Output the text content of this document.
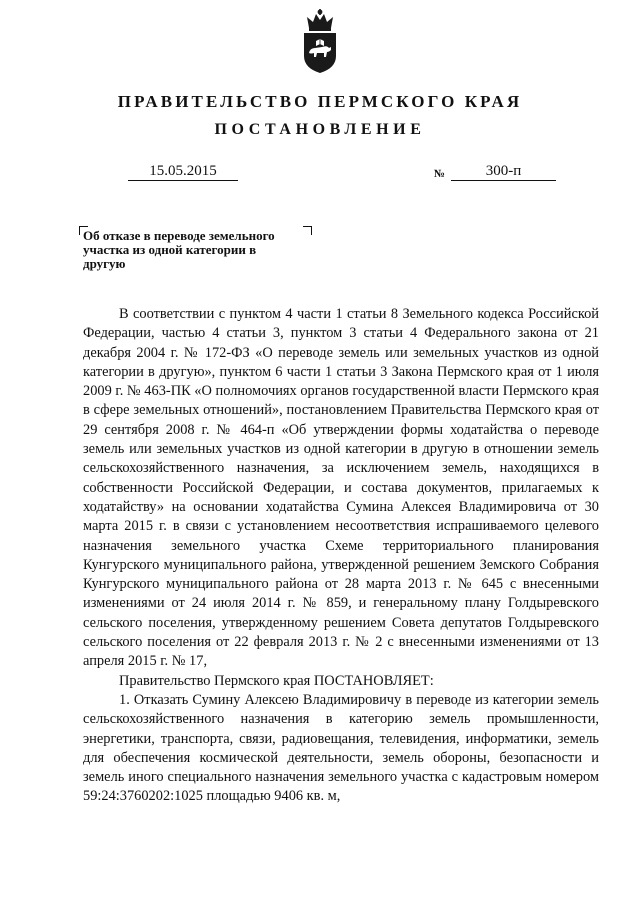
ПРАВИТЕЛЬСТВО ПЕРМСКОГО КРАЯ
ПОСТАНОВЛЕНИЕ
15.05.2015	№	300-п
Об отказе в переводе земельного участка из одной категории в другую

В соответствии с пунктом 4 части 1 статьи 8 Земельного кодекса Российской Федерации, частью 4 статьи 3, пунктом 3 статьи 4 Федерального закона от 21 декабря 2004 г. № 172-ФЗ «О переводе земель или земельных участков из одной категории в другую», пунктом 6 части 1 статьи 3 Закона Пермского края от 1 июля 2009 г. № 463-ПК «О полномочиях органов государственной власти Пермского края в сфере земельных отношений», постановлением Правительства Пермского края от 29 сентября 2008 г. № 464-п «Об утверждении формы ходатайства о переводе земель или земельных участков из одной категории в другую в отношении земель сельскохозяйственного назначения, за исключением земель, находящихся в собственности Российской Федерации, и состава документов, прилагаемых к ходатайству» на основании ходатайства Сумина Алексея Владимировича от 30 марта 2015 г. в связи с установлением несоответствия испрашиваемого целевого назначения земельного участка Схеме территориального планирования Кунгурского муниципального района, утвержденной решением Земского Собрания Кунгурского муниципального района от 28 марта 2013 г. № 645 с внесенными изменениями от 24 июля 2014 г. № 859, и генеральному плану Голдыревского сельского поселения, утвержденному решением Совета депутатов Голдыревского сельского поселения от 22 февраля 2013 г. № 2 с внесенными изменениями от 13 апреля 2015 г. № 17,

Правительство Пермского края ПОСТАНОВЛЯЕТ:

1. Отказать Сумину Алексею Владимировичу в переводе из категории земель сельскохозяйственного назначения в категорию земель промышленности, энергетики, транспорта, связи, радиовещания, телевидения, информатики, земель для обеспечения космической деятельности, земель обороны, безопасности и земель иного специального назначения земельного участка с кадастровым номером 59:24:3760202:1025 площадью 9406 кв. м,
